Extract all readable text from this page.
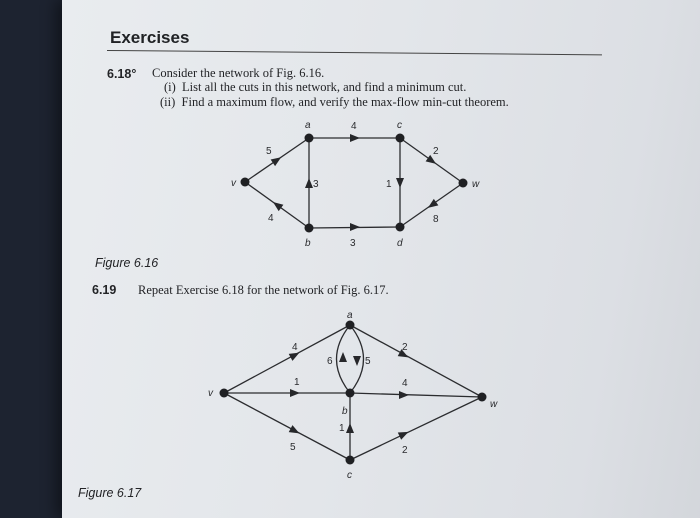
Exercises
6.18° Consider the network of Fig. 6.16.
(i)  List all the cuts in this network, and find a minimum cut.
(ii)  Find a maximum flow, and verify the max-flow min-cut theorem.
Figure 6.16
6.19 Repeat Exercise 6.18 for the network of Fig. 6.17.
Figure 6.17
v
a	c
w
b	d
5
4
2
4
3	1
3
8
v
a
b
c
w
4	2
1	4
5	2
6	5
1
